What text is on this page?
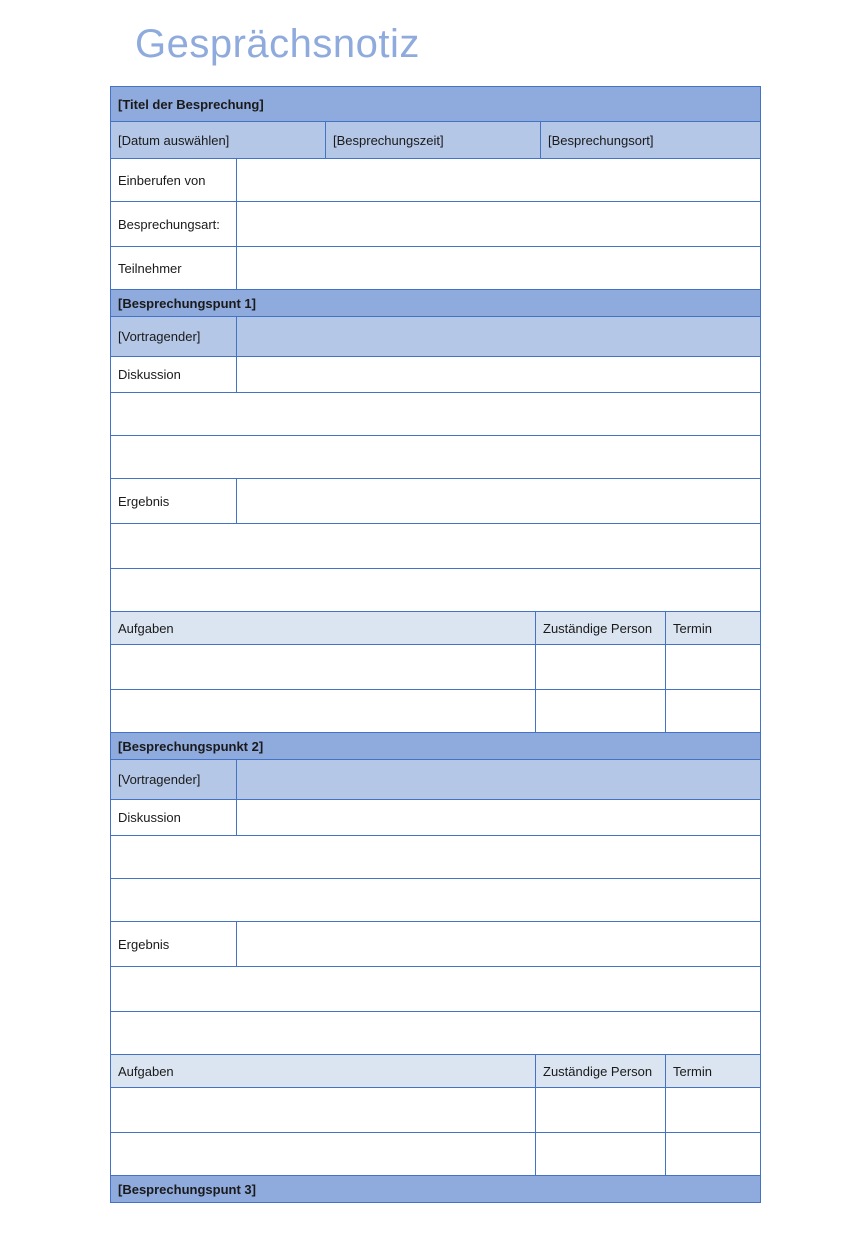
Gesprächsnotiz
[Titel der Besprechung]					
[Datum auswählen]		[Besprechungszeit]		[Besprechungsort]	
Einberufen von					
Besprechungsart:					
Teilnehmer					
[Besprechungspunt 1]					
[Vortragender]					
Diskussion					

Ergebnis					

Aufgaben			Zuständige Person		Termin

[Besprechungspunkt 2]					
[Vortragender]					
Diskussion					

Ergebnis					

Aufgaben			Zuständige Person		Termin

[Besprechungspunt 3]					
